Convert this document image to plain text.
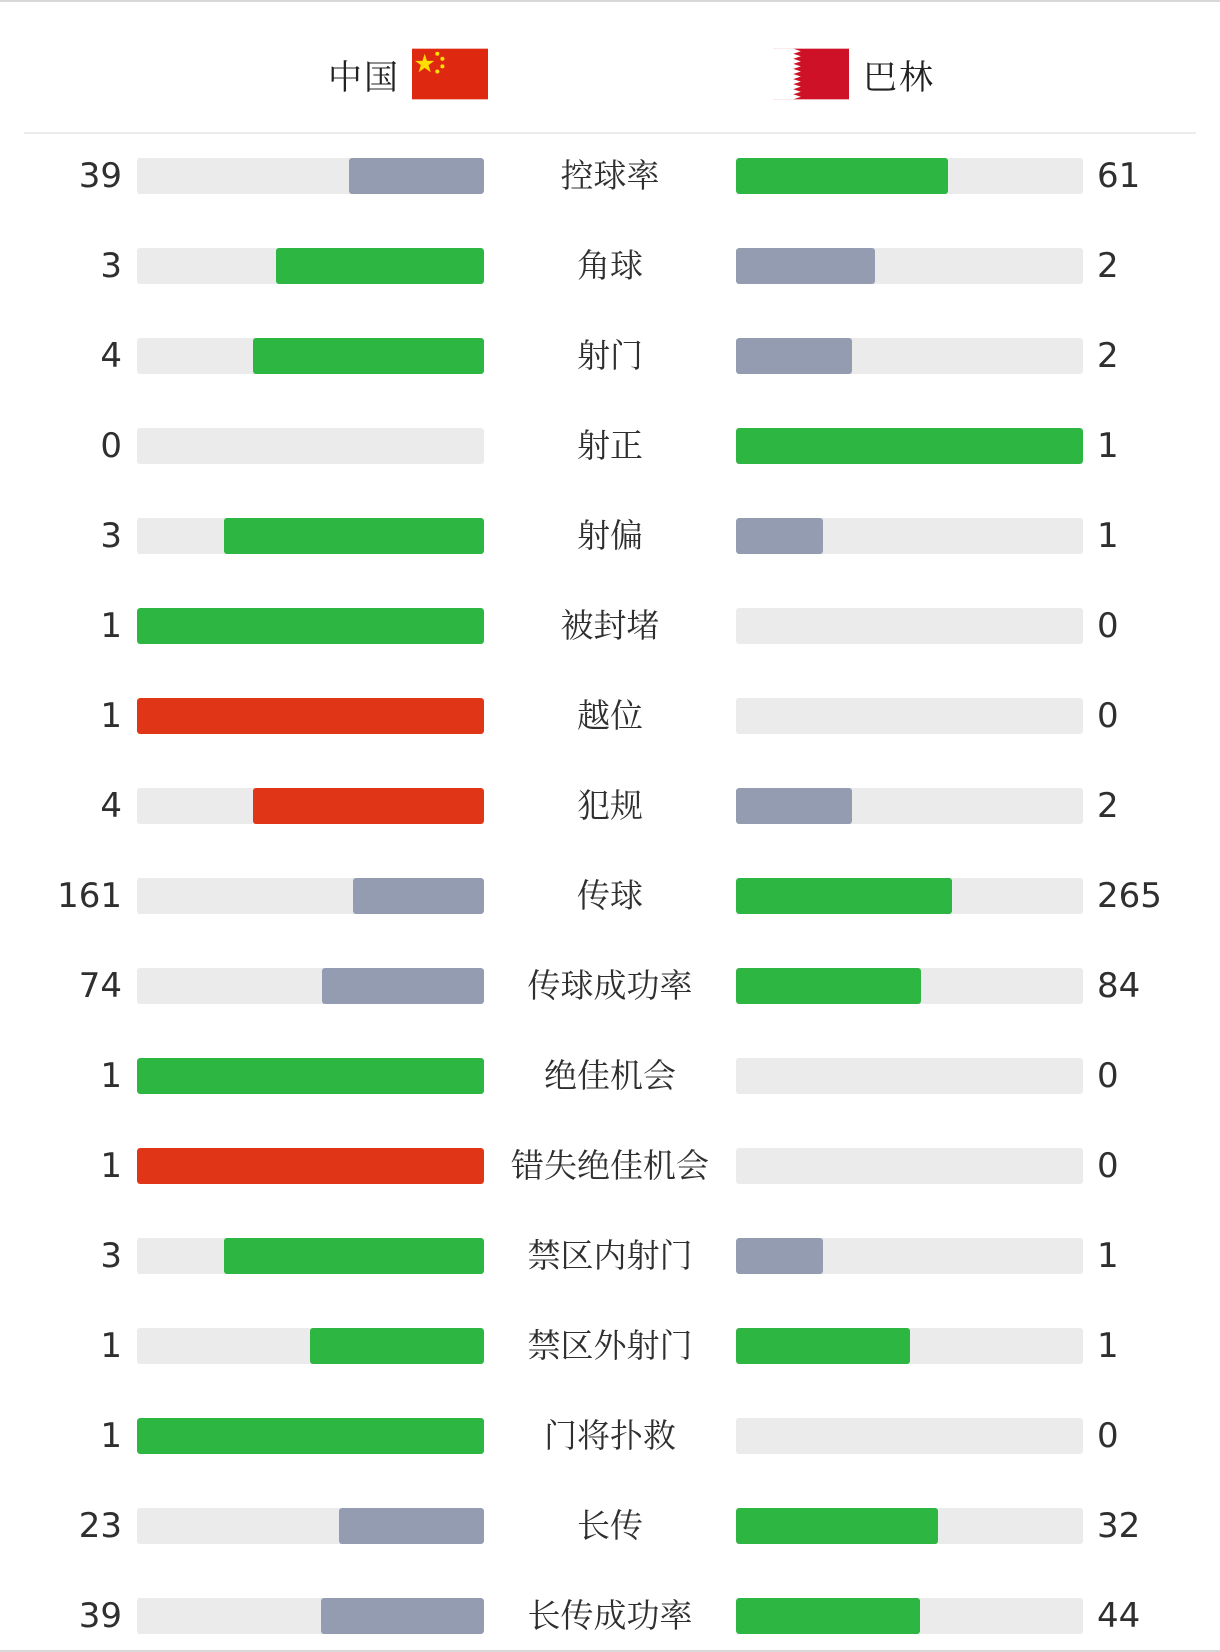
中国	巴林
39	控球率	61
3	角球	2
4	射门	2
0	射正	1
3	射偏	1
1	被封堵	0
1	越位	0
4	犯规	2
161	传球	265
74	传球成功率	84
1	绝佳机会	0
1	错失绝佳机会	0
3	禁区内射门	1
1	禁区外射门	1
1	门将扑救	0
23	长传	32
39	长传成功率	44
